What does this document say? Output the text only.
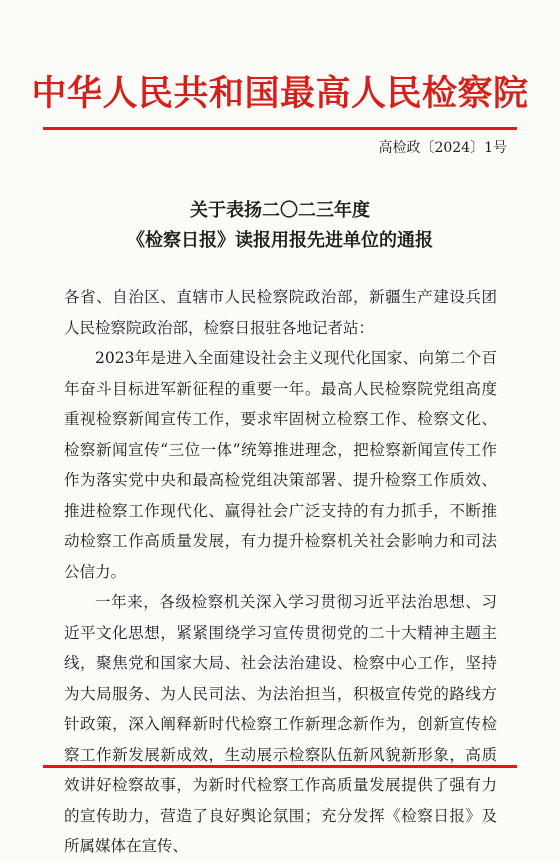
中华人民共和国最高人民检察院
高检政〔2024〕1号
关于表扬二〇二三年度
《检察日报》读报用报先进单位的通报

各省、自治区、直辖市人民检察院政治部，新疆生产建设兵团人民检察院政治部，检察日报驻各地记者站：

2023年是进入全面建设社会主义现代化国家、向第二个百年奋斗目标进军新征程的重要一年。最高人民检察院党组高度重视检察新闻宣传工作，要求牢固树立检察工作、检察文化、检察新闻宣传“三位一体”统筹推进理念，把检察新闻宣传工作作为落实党中央和最高检党组决策部署、提升检察工作质效、推进检察工作现代化、赢得社会广泛支持的有力抓手，不断推动检察工作高质量发展，有力提升检察机关社会影响力和司法公信力。

一年来，各级检察机关深入学习贯彻习近平法治思想、习近平文化思想，紧紧围绕学习宣传贯彻党的二十大精神主题主线，聚焦党和国家大局、社会法治建设、检察中心工作，坚持为大局服务、为人民司法、为法治担当，积极宣传党的路线方针政策，深入阐释新时代检察工作新理念新作为，创新宣传检察工作新发展新成效，生动展示检察队伍新风貌新形象，高质效讲好检察故事，为新时代检察工作高质量发展提供了强有力的宣传助力，营造了良好舆论氛围；充分发挥《检察日报》及所属媒体在宣传、
